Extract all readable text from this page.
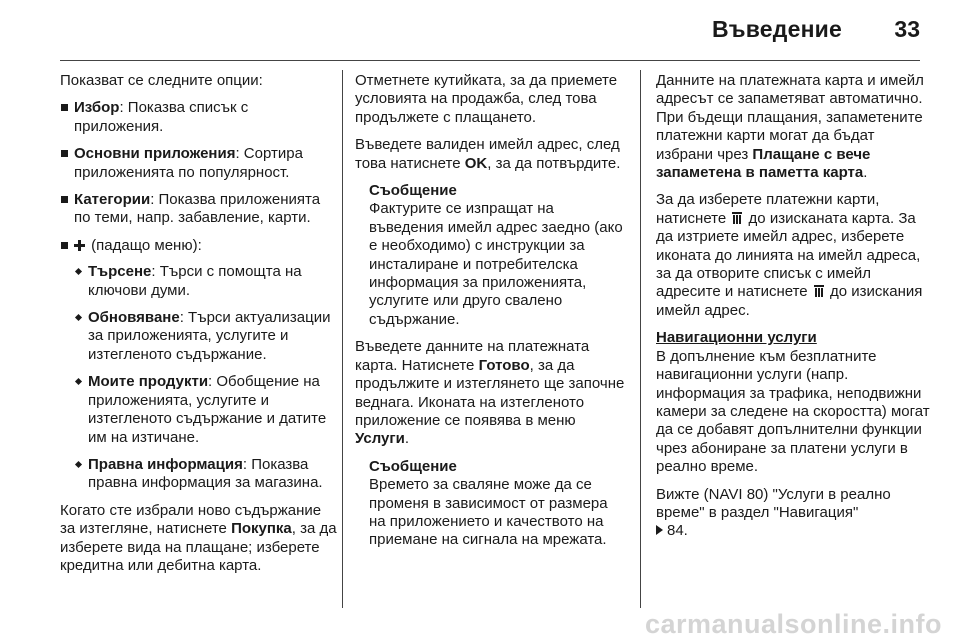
Въведение 33

Показват се следните опции:

Избор: Показва списък с приложения.
Основни приложения: Сортира приложенията по популярност.
Категории: Показва приложенията по теми, напр. забавление, карти.
(падащо меню):
Търсене: Търси с помощта на ключови думи.
Обновяване: Търси актуализации за приложенията, услугите и изтегленото съдържание.
Моите продукти: Обобщение на приложенията, услугите и изтегленото съдържание и датите им на изтичане.
Правна информация: Показва правна информация за магазина.

Когато сте избрали ново съдържание за изтегляне, натиснете Покупка, за да изберете вида на плащане; изберете кредитна или дебитна карта.

Отметнете кутийката, за да приемете условията на продажба, след това продължете с плащането.

Въведете валиден имейл адрес, след това натиснете OK, за да потвърдите.

Съобщение
Фактурите се изпращат на въведения имейл адрес заедно (ако е необходимо) с инструкции за инсталиране и потребителска информация за приложенията, услугите или друго свалено съдържание.

Въведете данните на платежната карта. Натиснете Готово, за да продължите и изтеглянето ще започне веднага. Иконата на изтегленото приложение се появява в меню Услуги.

Съобщение
Времето за сваляне може да се променя в зависимост от размера на приложението и качеството на приемане на сигнала на мрежата.

Данните на платежната карта и имейл адресът се запаметяват автоматично. При бъдещи плащания, запаметените платежни карти могат да бъдат избрани чрез Плащане с вече запаметена в паметта карта.

За да изберете платежни карти, натиснете
до изисканата карта. За да изтриете имейл адрес, изберете иконата до линията на имейл адреса, за да отворите списък с имейл адресите и натиснете
до изискания имейл адрес.

Навигационни услуги

В допълнение към безплатните навигационни услуги (напр. информация за трафика, неподвижни камери за следене на скоростта) могат да се добавят допълнителни функции чрез абониране за платени услуги в реално време.

Вижте (NAVI 80) "Услуги в реално време" в раздел "Навигация"

84.

carmanualsonline.info
